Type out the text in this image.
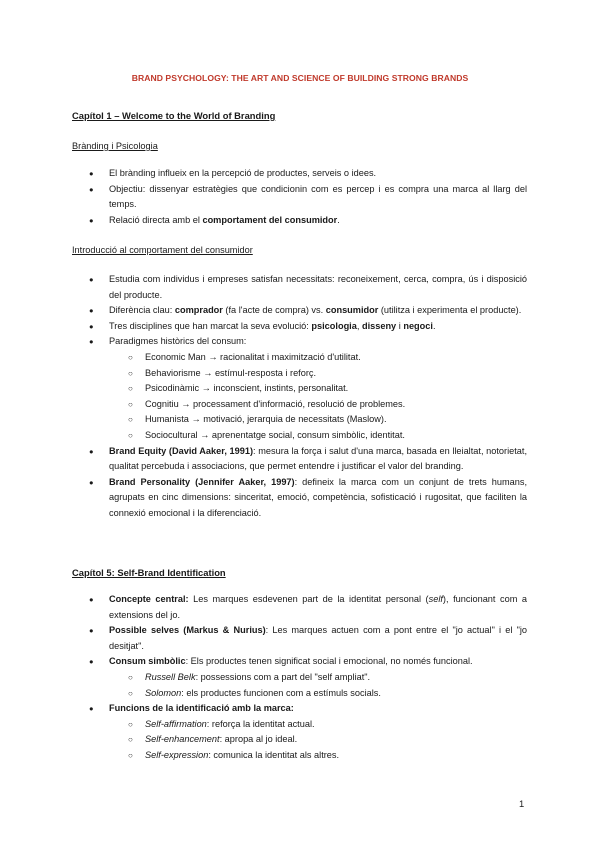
BRAND PSYCHOLOGY: THE ART AND SCIENCE OF BUILDING STRONG BRANDS
Capítol 1 – Welcome to the World of Branding
Brànding i Psicologia
● El brànding influeix en la percepció de productes, serveis o idees.
● Objectiu: dissenyar estratègies que condicionin com es percep i es compra una marca al llarg del temps.
● Relació directa amb el comportament del consumidor.
Introducció al comportament del consumidor
● Estudia com individus i empreses satisfan necessitats: reconeixement, cerca, compra, ús i disposició del producte.
● Diferència clau: comprador (fa l'acte de compra) vs. consumidor (utilitza i experimenta el producte).
● Tres disciplines que han marcat la seva evolució: psicologia, disseny i negoci.
● Paradigmes històrics del consum:
○ Economic Man → racionalitat i maximització d'utilitat.
○ Behaviorisme → estímul-resposta i reforç.
○ Psicodinàmic → inconscient, instints, personalitat.
○ Cognitiu → processament d'informació, resolució de problemes.
○ Humanista → motivació, jerarquia de necessitats (Maslow).
○ Sociocultural → aprenentatge social, consum simbòlic, identitat.
● Brand Equity (David Aaker, 1991): mesura la força i salut d'una marca, basada en lleialtat, notorietat, qualitat percebuda i associacions, que permet entendre i justificar el valor del branding.
● Brand Personality (Jennifer Aaker, 1997): defineix la marca com un conjunt de trets humans, agrupats en cinc dimensions: sinceritat, emoció, competència, sofisticació i rugositat, que faciliten la connexió emocional i la diferenciació.
Capítol 5: Self-Brand Identification
● Concepte central: Les marques esdevenen part de la identitat personal (self), funcionant com a extensions del jo.
● Possible selves (Markus & Nurius): Les marques actuen com a pont entre el "jo actual" i el "jo desitjat".
● Consum simbòlic: Els productes tenen significat social i emocional, no només funcional.
○ Russell Belk: possessions com a part del "self ampliat".
○ Solomon: els productes funcionen com a estímuls socials.
● Funcions de la identificació amb la marca:
○ Self-affirmation: reforça la identitat actual.
○ Self-enhancement: apropa al jo ideal.
○ Self-expression: comunica la identitat als altres.
1
